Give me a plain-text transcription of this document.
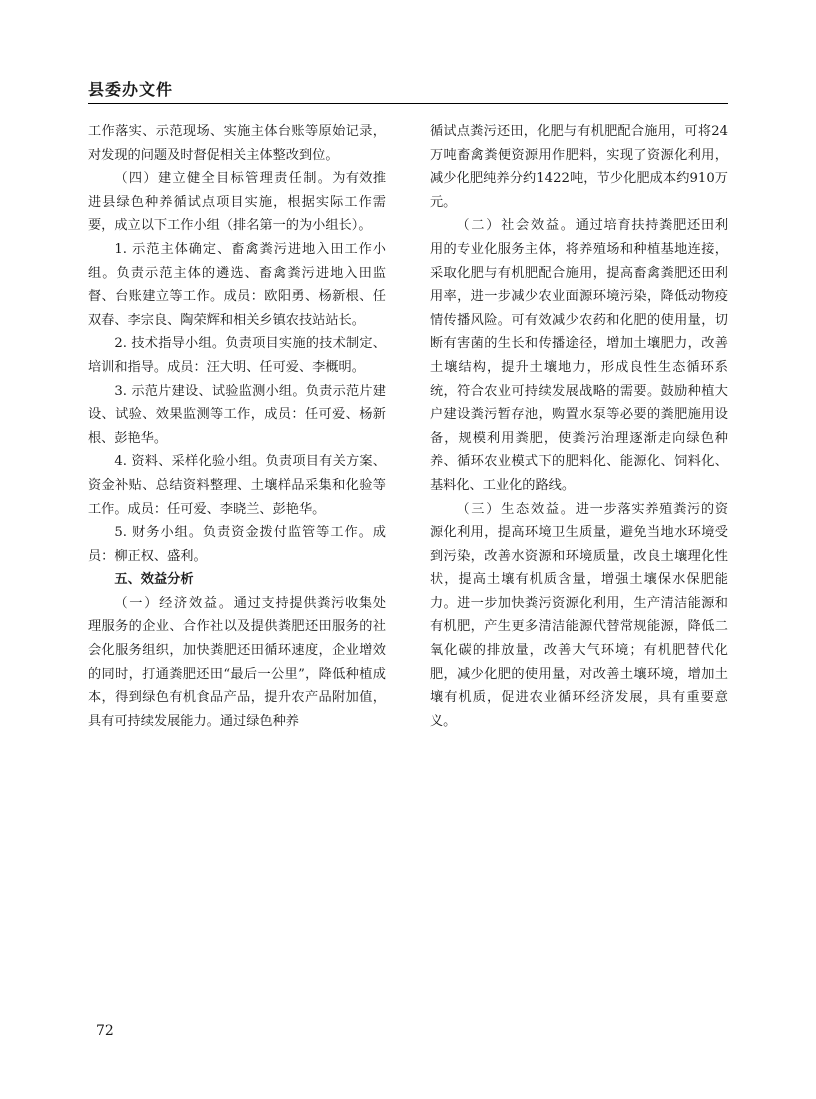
县委办文件

工作落实、示范现场、实施主体台账等原始记录，对发现的问题及时督促相关主体整改到位。

（四）建立健全目标管理责任制。为有效推进县绿色种养循试点项目实施，根据实际工作需要，成立以下工作小组（排名第一的为小组长）。

1. 示范主体确定、畜禽粪污进地入田工作小组。负责示范主体的遴选、畜禽粪污进地入田监督、台账建立等工作。成员：欧阳勇、杨新根、任双春、李宗良、陶荣辉和相关乡镇农技站站长。

2. 技术指导小组。负责项目实施的技术制定、培训和指导。成员：汪大明、任可爱、李概明。

3. 示范片建设、试验监测小组。负责示范片建设、试验、效果监测等工作，成员：任可爱、杨新根、彭艳华。

4. 资料、采样化验小组。负责项目有关方案、资金补贴、总结资料整理、土壤样品采集和化验等工作。成员：任可爱、李晓兰、彭艳华。

5. 财务小组。负责资金拨付监管等工作。成员：柳正权、盛利。

五、效益分析

（一）经济效益。通过支持提供粪污收集处理服务的企业、合作社以及提供粪肥还田服务的社会化服务组织，加快粪肥还田循环速度，企业增效的同时，打通粪肥还田“最后一公里”，降低种植成本，得到绿色有机食品产品，提升农产品附加值，具有可持续发展能力。通过绿色种养

循试点粪污还田，化肥与有机肥配合施用，可将24万吨畜禽粪便资源用作肥料，实现了资源化利用，减少化肥纯养分约1422吨，节少化肥成本约910万元。

（二）社会效益。通过培育扶持粪肥还田利用的专业化服务主体，将养殖场和种植基地连接，采取化肥与有机肥配合施用，提高畜禽粪肥还田利用率，进一步减少农业面源环境污染，降低动物疫情传播风险。可有效减少农药和化肥的使用量，切断有害菌的生长和传播途径，增加土壤肥力，改善土壤结构，提升土壤地力，形成良性生态循环系统，符合农业可持续发展战略的需要。鼓励种植大户建设粪污暂存池，购置水泵等必要的粪肥施用设备，规模利用粪肥，使粪污治理逐渐走向绿色种养、循环农业模式下的肥料化、能源化、饲料化、基料化、工业化的路线。

（三）生态效益。进一步落实养殖粪污的资源化利用，提高环境卫生质量，避免当地水环境受到污染，改善水资源和环境质量，改良土壤理化性状，提高土壤有机质含量，增强土壤保水保肥能力。进一步加快粪污资源化利用，生产清洁能源和有机肥，产生更多清洁能源代替常规能源，降低二氧化碳的排放量，改善大气环境；有机肥替代化肥，减少化肥的使用量，对改善土壤环境，增加土壤有机质，促进农业循环经济发展，具有重要意义。

72
